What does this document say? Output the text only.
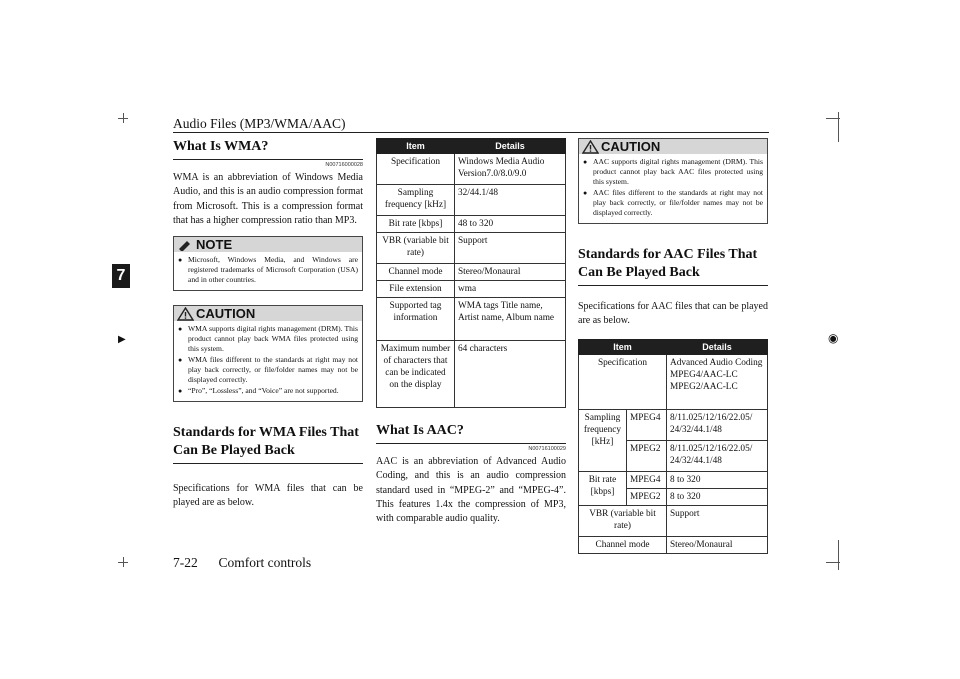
▶	◉
Audio Files (MP3/WMA/AAC)
7
7-22 Comfort controls
What Is WMA?
N00716000028
WMA is an abbreviation of Windows Media Audio, and this is an audio compression format from Microsoft. This is a compression format that has a higher compression ratio than MP3.
NOTE
● Microsoft, Windows Media, and Windows are registered trademarks of Microsoft Corporation (USA) and in other countries.
CAUTION
● WMA supports digital rights management (DRM). This product cannot play back WMA files protected using this system.
● WMA files different to the standards at right may not play back correctly, or file/folder names may not be displayed correctly.
● “Pro”, “Lossless”, and “Voice” are not supported.
Standards for WMA Files That Can Be Played Back
Specifications for WMA files that can be played are as below.
Item	Details
Specification	Windows Media Audio Version7.0/8.0/9.0
Sampling frequency [kHz]	32/44.1/48
Bit rate [kbps]	48 to 320
VBR (variable bit rate)	Support
Channel mode	Stereo/Monaural
File extension	wma
Supported tag information	WMA tags Title name, Artist name, Album name
Maximum number of characters that can be indicated on the display	64 characters
What Is AAC?
N00716100029
AAC is an abbreviation of Advanced Audio Coding, and this is an audio compression standard used in “MPEG-2” and “MPEG-4”. This features 1.4x the compression of MP3, with comparable audio quality.
CAUTION
● AAC supports digital rights management (DRM). This product cannot play back AAC files protected using this system.
● AAC files different to the standards at right may not play back correctly, or file/folder names may not be displayed correctly.
Standards for AAC Files That Can Be Played Back
Specifications for AAC files that can be played are as below.
Item		Details
Specification		Advanced Audio Coding MPEG4/AAC-LC MPEG2/AAC-LC
Sampling frequency [kHz]	MPEG4	8/11.025/12/16/22.05/ 24/32/44.1/48
	MPEG2	8/11.025/12/16/22.05/ 24/32/44.1/48
Bit rate [kbps]	MPEG4	8 to 320
	MPEG2	8 to 320
VBR (variable bit rate)		Support
Channel mode		Stereo/Monaural
